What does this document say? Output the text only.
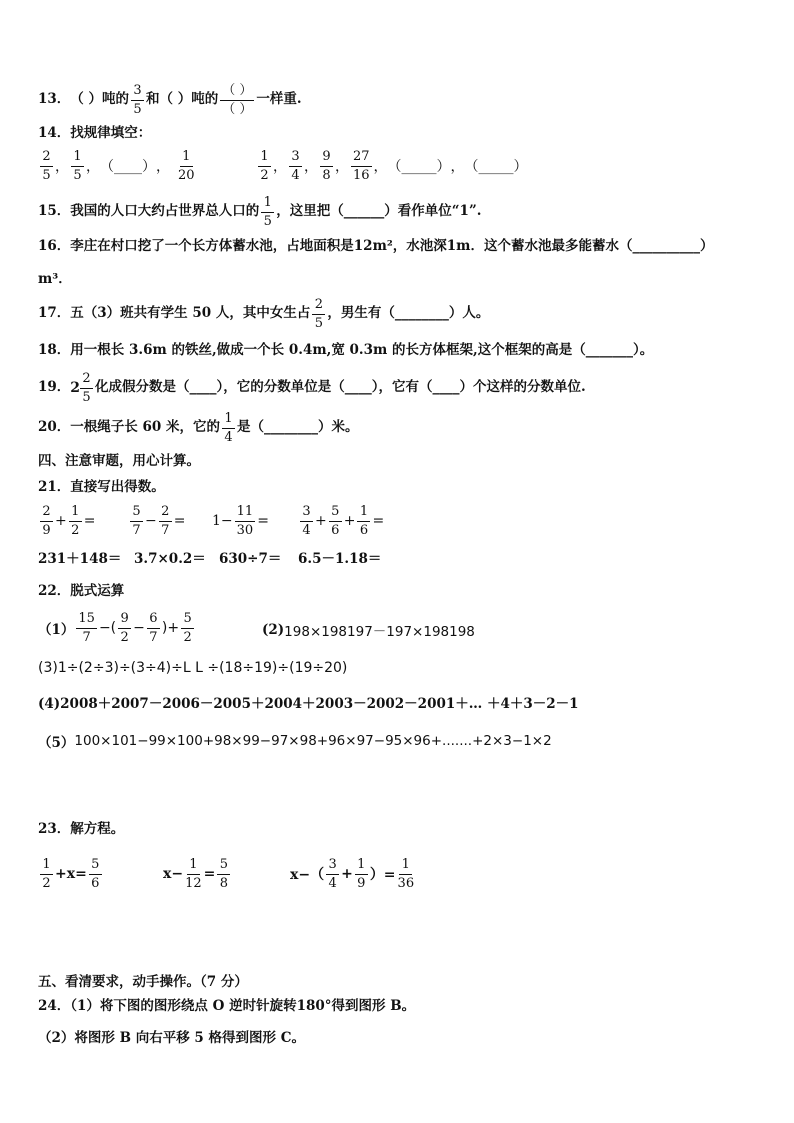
13． （ ）吨的
3
5
和（ ）吨的
（ ）
（ ）
一样重.
14．找规律填空：
2
5 ，
1
5 ， （____） ，
1
20
1
2 ，
3
4 ，
9
8 ，
27
16 ， （_____） ， （_____）
15．我国的人口大约占世界总人口的
1
5
，这里把（______）看作单位“1”.
16．李庄在村口挖了一个长方体蓄水池，占地面积是12m²，水池深1m．这个蓄水池最多能蓄水（__________）
m³．
17．五（3）班共有学生 50 人，其中女生占
2
5
，男生有（________）人。
18．用一根长 3.6m 的铁丝,做成一个长 0.4m,宽 0.3m 的长方体框架,这个框架的高是（_______）。
19． 2
2
5
化成假分数是（____），它的分数单位是（____），它有（____）个这样的分数单位.
20．一根绳子长 60 米，它的
1
4
是（________）米。
四、注意审题，用心计算。
21．直接写出得数。
2
9
+ $\frac{1}{2}$ =
5
7
− $\frac{2}{7} = 1- \frac{11}{30}$ =
3
4
+ $\frac{5}{6} + \frac{1}{6}$ =
231＋148＝ 3.7×0.2＝ 630÷7＝ 6.5－1.18＝
22．脱式运算
（1）
15
7
−(
9
2
− $\frac{6}{7}$ )+ $\frac{5}{2}$	(2) 198×198197－197×198198
(3)1÷(2÷3)÷(3÷4)÷L L ÷(18÷19)÷(19÷20)
(4)2008＋2007－2006－2005＋2004＋2003－2002－2001＋… ＋4＋3－2－1
（5） 100×101−99×100+98×99−97×98+96×97−95×96+.......+2×3−1×2
23．解方程。
1
2
$+x= \frac{5}{6}$	$x- \frac{1}{12} = \frac{5}{8}$	x−（
3
4
+ $\frac{1}{9}$ ）= $\frac{1}{36}$
五、看清要求，动手操作。（7 分）
24．（1）将下图的图形绕点 O 逆时针旋转180°得到图形 B。
（2）将图形 B 向右平移 5 格得到图形 C。
